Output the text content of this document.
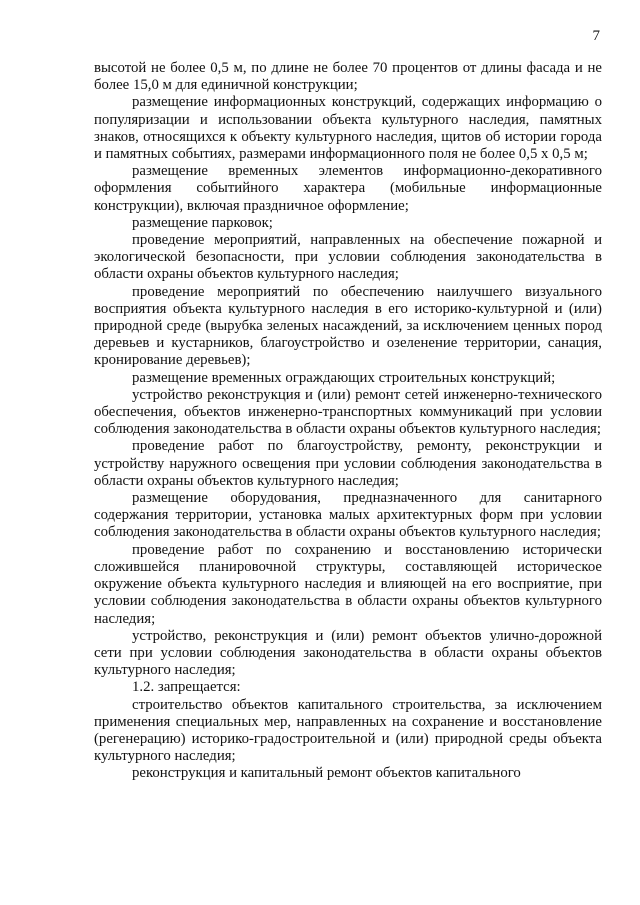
7

высотой не более 0,5 м, по длине не более 70 процентов от длины фасада и не более 15,0 м для единичной конструкции;

размещение информационных конструкций, содержащих информацию о популяризации и использовании объекта культурного наследия, памятных знаков, относящихся к объекту культурного наследия, щитов об истории города и памятных событиях, размерами информационного поля не более 0,5 х 0,5 м;

размещение временных элементов информационно-декоративного оформления событийного характера (мобильные информационные конструкции), включая праздничное оформление;

размещение парковок;

проведение мероприятий, направленных на обеспечение пожарной и экологической безопасности, при условии соблюдения законодательства в области охраны объектов культурного наследия;

проведение мероприятий по обеспечению наилучшего визуального восприятия объекта культурного наследия в его историко-культурной и (или) природной среде (вырубка зеленых насаждений, за исключением ценных пород деревьев и кустарников, благоустройство и озеленение территории, санация, кронирование деревьев);

размещение временных ограждающих строительных конструкций;

устройство реконструкция и (или) ремонт сетей инженерно-технического обеспечения, объектов инженерно-транспортных коммуникаций при условии соблюдения законодательства в области охраны объектов культурного наследия;

проведение работ по благоустройству, ремонту, реконструкции и устройству наружного освещения при условии соблюдения законодательства в области охраны объектов культурного наследия;

размещение оборудования, предназначенного для санитарного содержания территории, установка малых архитектурных форм при условии соблюдения законодательства в области охраны объектов культурного наследия;

проведение работ по сохранению и восстановлению исторически сложившейся планировочной структуры, составляющей историческое окружение объекта культурного наследия и влияющей на его восприятие, при условии соблюдения законодательства в области охраны объектов культурного наследия;

устройство, реконструкция и (или) ремонт объектов улично-дорожной сети при условии соблюдения законодательства в области охраны объектов культурного наследия;

1.2. запрещается:

строительство объектов капитального строительства, за исключением применения специальных мер, направленных на сохранение и восстановление (регенерацию) историко-градостроительной и (или) природной среды объекта культурного наследия;

реконструкция и капитальный ремонт объектов капитального
